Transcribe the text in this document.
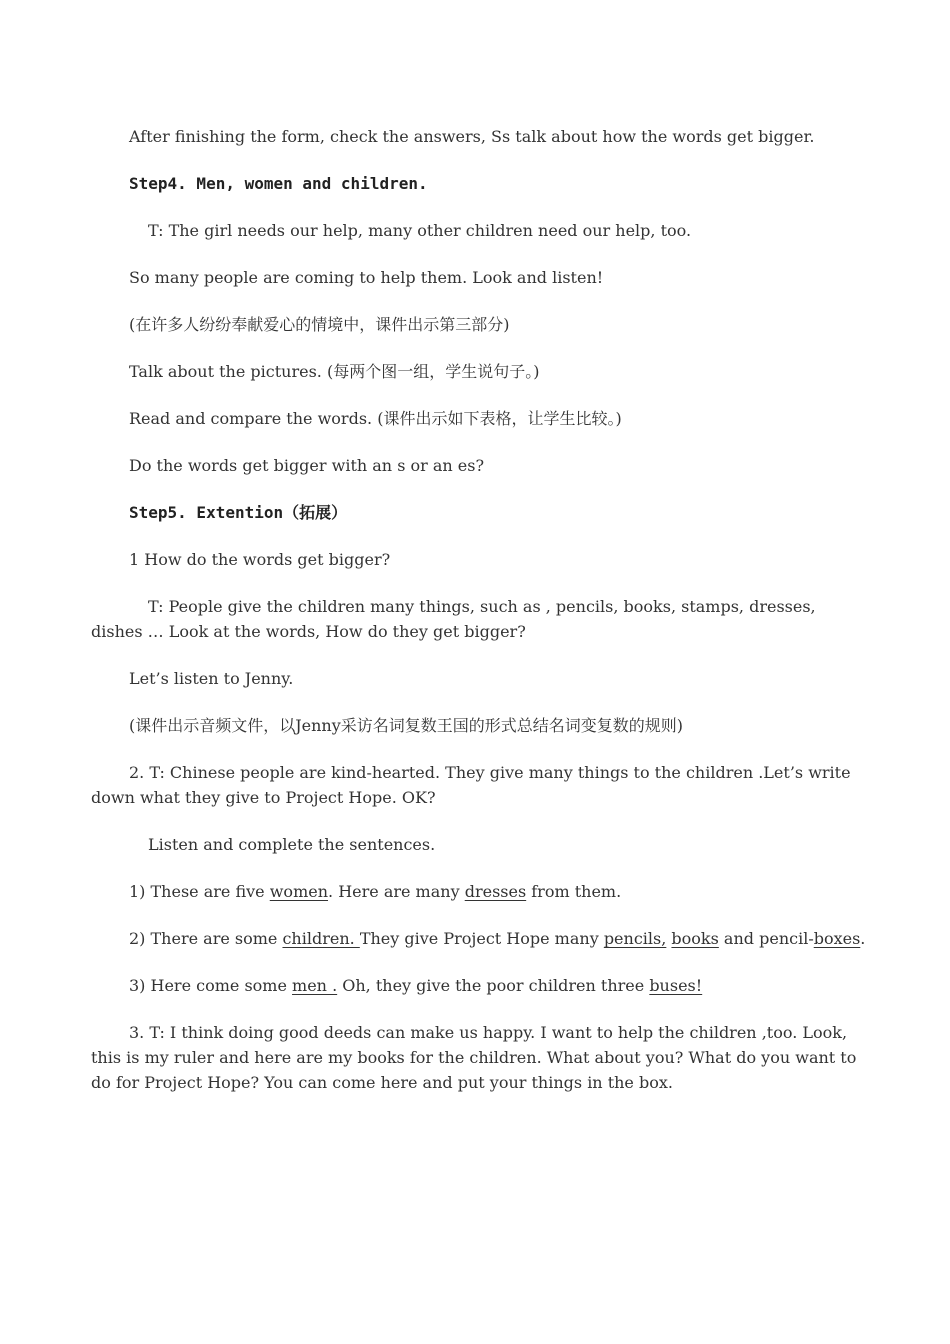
After finishing the form, check the answers, Ss talk about how the words get bigger.

Step4. Men, women and children.

T: The girl needs our help, many other children need our help, too.

So many people are coming to help them. Look and listen!

(在许多人纷纷奉献爱心的情境中，课件出示第三部分)

Talk about the pictures. (每两个图一组，学生说句子。)

Read and compare the words. (课件出示如下表格，让学生比较。)

Do the words get bigger with an s or an es?

Step5. Extention（拓展）

1 How do the words get bigger?

T: People give the children many things, such as , pencils, books, stamps, dresses, dishes … Look at the words, How do they get bigger?

Let’s listen to Jenny.

(课件出示音频文件，以Jenny采访名词复数王国的形式总结名词变复数的规则)

2. T: Chinese people are kind-hearted. They give many things to the children .Let’s write down what they give to Project Hope. OK?

Listen and complete the sentences.

1) These are five women. Here are many dresses from them.

2) There are some children. They give Project Hope many pencils, books and pencil-boxes.

3) Here come some men . Oh, they give the poor children three buses!

3. T: I think doing good deeds can make us happy. I want to help the children ,too. Look, this is my ruler and here are my books for the children. What about you? What do you want to do for Project Hope? You can come here and put your things in the box.
